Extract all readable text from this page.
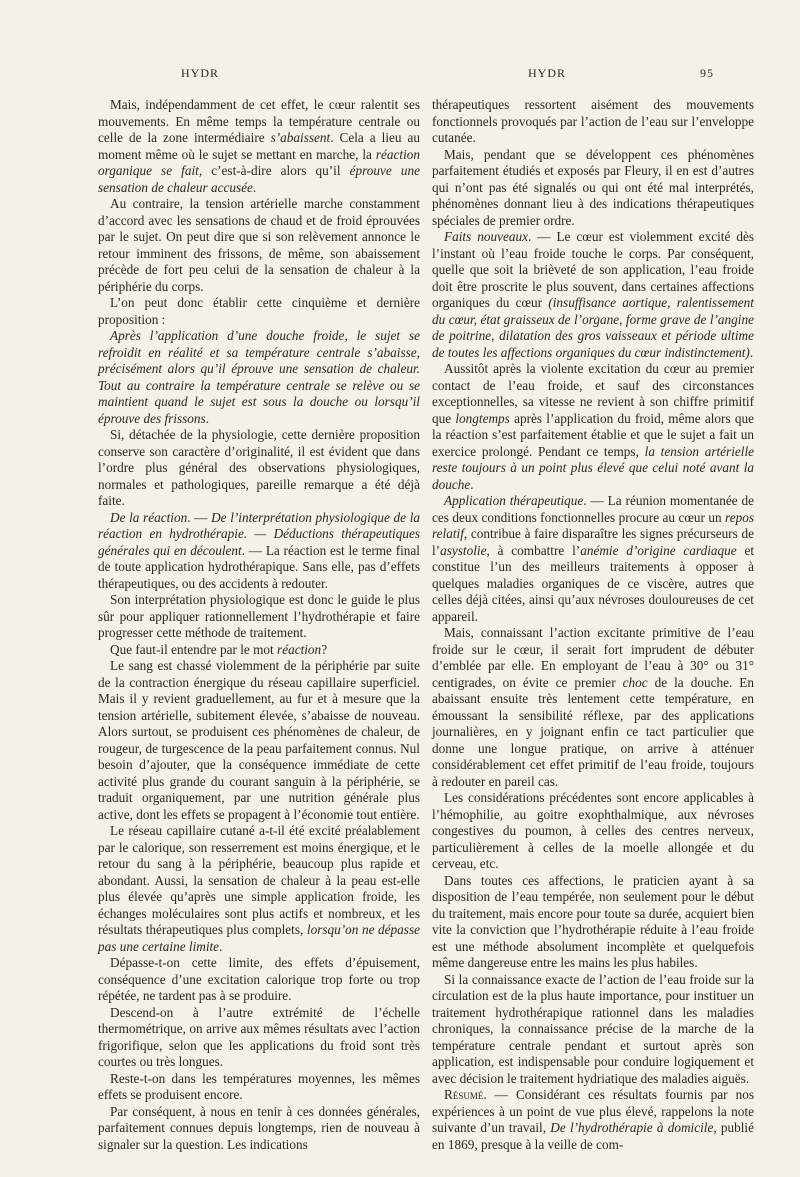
HYDR	HYDR	95

Mais, indépendamment de cet effet, le cœur ralentit ses mouvements. En même temps la température centrale ou celle de la zone intermédiaire s’abaissent. Cela a lieu au moment même où le sujet se mettant en marche, la réaction organique se fait, c’est-à-dire alors qu’il éprouve une sensation de chaleur accusée.

Au contraire, la tension artérielle marche constamment d’accord avec les sensations de chaud et de froid éprouvées par le sujet. On peut dire que si son relèvement annonce le retour imminent des frissons, de même, son abaissement précède de fort peu celui de la sensation de chaleur à la périphérie du corps.

L’on peut donc établir cette cinquième et dernière proposition :

Après l’application d’une douche froide, le sujet se refroidit en réalité et sa température centrale s’abaisse, précisément alors qu’il éprouve une sensation de chaleur. Tout au contraire la température centrale se relève ou se maintient quand le sujet est sous la douche ou lorsqu’il éprouve des frissons.

Si, détachée de la physiologie, cette dernière proposition conserve son caractère d’originalité, il est évident que dans l’ordre plus général des observations physiologiques, normales et pathologiques, pareille remarque a été déjà faite.

De la réaction. — De l’interprétation physiologique de la réaction en hydrothérapie. — Déductions thérapeutiques générales qui en découlent. — La réaction est le terme final de toute application hydrothérapique. Sans elle, pas d’effets thérapeutiques, ou des accidents à redouter.

Son interprétation physiologique est donc le guide le plus sûr pour appliquer rationnellement l’hydrothérapie et faire progresser cette méthode de traitement.

Que faut-il entendre par le mot réaction?

Le sang est chassé violemment de la périphérie par suite de la contraction énergique du réseau capillaire superficiel. Mais il y revient graduellement, au fur et à mesure que la tension artérielle, subitement élevée, s’abaisse de nouveau. Alors surtout, se produisent ces phénomènes de chaleur, de rougeur, de turgescence de la peau parfaitement connus. Nul besoin d’ajouter, que la conséquence immédiate de cette activité plus grande du courant sanguin à la périphérie, se traduit organiquement, par une nutrition générale plus active, dont les effets se propagent à l’économie tout entière.

Le réseau capillaire cutané a-t-il été excité préalablement par le calorique, son resserrement est moins énergique, et le retour du sang à la périphérie, beaucoup plus rapide et abondant. Aussi, la sensation de chaleur à la peau est-elle plus élevée qu’après une simple application froide, les échanges moléculaires sont plus actifs et nombreux, et les résultats thérapeutiques plus complets, lorsqu’on ne dépasse pas une certaine limite.

Dépasse-t-on cette limite, des effets d’épuisement, conséquence d’une excitation calorique trop forte ou trop répétée, ne tardent pas à se produire.

Descend-on à l’autre extrémité de l’échelle thermométrique, on arrive aux mêmes résultats avec l’action frigorifique, selon que les applications du froid sont très courtes ou très longues.

Reste-t-on dans les températures moyennes, les mêmes effets se produisent encore.

Par conséquent, à nous en tenir à ces données générales, parfaitement connues depuis longtemps, rien de nouveau à signaler sur la question. Les indications

thérapeutiques ressortent aisément des mouvements fonctionnels provoqués par l’action de l’eau sur l’enveloppe cutanée.

Mais, pendant que se développent ces phénomènes parfaitement étudiés et exposés par Fleury, il en est d’autres qui n’ont pas été signalés ou qui ont été mal interprétés, phénomènes donnant lieu à des indications thérapeutiques spéciales de premier ordre.

Faits nouveaux. — Le cœur est violemment excité dès l’instant où l’eau froide touche le corps. Par conséquent, quelle que soit la brièveté de son application, l’eau froide doit être proscrite le plus souvent, dans certaines affections organiques du cœur (insuffisance aortique, ralentissement du cœur, état graisseux de l’organe, forme grave de l’angine de poitrine, dilatation des gros vaisseaux et période ultime de toutes les affections organiques du cœur indistinctement).

Aussitôt après la violente excitation du cœur au premier contact de l’eau froide, et sauf des circonstances exceptionnelles, sa vitesse ne revient à son chiffre primitif que longtemps après l’application du froid, même alors que la réaction s’est parfaitement établie et que le sujet a fait un exercice prolongé. Pendant ce temps, la tension artérielle reste toujours à un point plus élevé que celui noté avant la douche.

Application thérapeutique. — La réunion momentanée de ces deux conditions fonctionnelles procure au cœur un repos relatif, contribue à faire disparaître les signes précurseurs de l’asystolie, à combattre l’anémie d’origine cardiaque et constitue l’un des meilleurs traitements à opposer à quelques maladies organiques de ce viscère, autres que celles déjà citées, ainsi qu’aux névroses douloureuses de cet appareil.

Mais, connaissant l’action excitante primitive de l’eau froide sur le cœur, il serait fort imprudent de débuter d’emblée par elle. En employant de l’eau à 30° ou 31° centigrades, on évite ce premier choc de la douche. En abaissant ensuite très lentement cette température, en émoussant la sensibilité réflexe, par des applications journalières, en y joignant enfin ce tact particulier que donne une longue pratique, on arrive à atténuer considérablement cet effet primitif de l’eau froide, toujours à redouter en pareil cas.

Les considérations précédentes sont encore applicables à l’hémophilie, au goitre exophthalmique, aux névroses congestives du poumon, à celles des centres nerveux, particulièrement à celles de la moelle allongée et du cerveau, etc.

Dans toutes ces affections, le praticien ayant à sa disposition de l’eau tempérée, non seulement pour le début du traitement, mais encore pour toute sa durée, acquiert bien vite la conviction que l’hydrothérapie réduite à l’eau froide est une méthode absolument incomplète et quelquefois même dangereuse entre les mains les plus habiles.

Si la connaissance exacte de l’action de l’eau froide sur la circulation est de la plus haute importance, pour instituer un traitement hydrothérapique rationnel dans les maladies chroniques, la connaissance précise de la marche de la température centrale pendant et surtout après son application, est indispensable pour conduire logiquement et avec décision le traitement hydriatique des maladies aiguës.

Résumé. — Considérant ces résultats fournis par nos expériences à un point de vue plus élevé, rappelons la note suivante d’un travail, De l’hydrothérapie à domicile, publié en 1869, presque à la veille de com-
